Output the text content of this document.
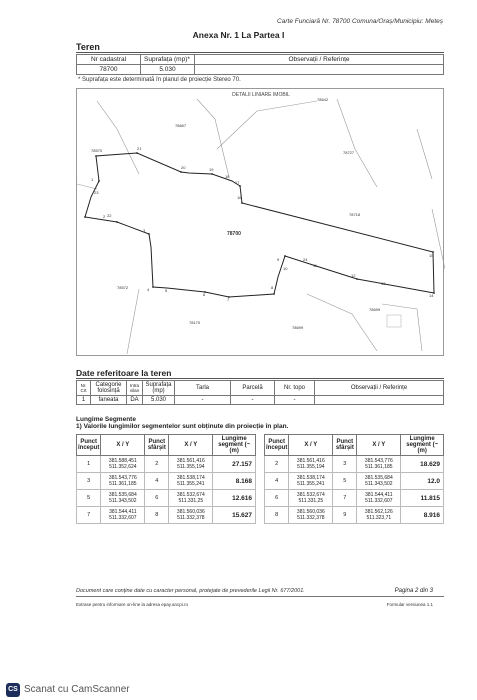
Carte Funciară Nr. 78700 Comuna/Oraș/Municipiu: Meteș
Anexa Nr. 1 La Partea I
Teren
Nr cadastral	Suprafața (mp)*	Observații / Referințe
78700	5.030	
* Suprafața este determinată în planul de proiecție Stereo 70.
DETALII LINIARE IMOBIL
78642
78667
78570	78727
78718
78572
78170
78699
78699
78700
1
2
3
4	5
6
7
8
9
10
11
12
13
14
15
16
17
18
19
20
21
22
23
24
Date referitoare la teren
Nr. Crt	Categorie folosință	Intra vilan	Suprafața (mp)	Tarla	Parcelă	Nr. topo	Observații / Referințe
1	faneata	DA	5.030	-	-	-	
Lungime Segmente
1) Valorile lungimilor segmentelor sunt obținute din proiecție în plan.
Punct început	X / Y	Punct sfârșit	X / Y	Lungime segment (~ (m)
1	381.588,451
511.352,624	2	381.561,416
511.355,194	27.157
3	381.543,776
511.361,185	4	381.538,174
511.355,241	8.168
5	381.535,684
511.343,502	6	381.532,674
511.331,25	12.616
7	381.544,411
511.332,607	8	381.560,036
511.332,378	15.627
Punct început	X / Y	Punct sfârșit	X / Y	Lungime segment (~ (m)
2	381.561,416
511.355,194	3	381.543,776
511.361,185	18.629
4	381.538,174
511.355,241	5	381.535,684
511.343,502	12.0
6	381.532,674
511.331,25	7	381.544,411
511.332,607	11.815
8	381.560,036
511.332,378	9	381.562,126
511.323,71	8.916
Document care conține date cu caracter personal, protejate de prevederile Legii Nr. 677/2001.	Pagina 2 din 3
Extrase pentru informare on-line la adresa epay.ancpi.ro	Formular versiunea 1.1
CS Scanat cu CamScanner
